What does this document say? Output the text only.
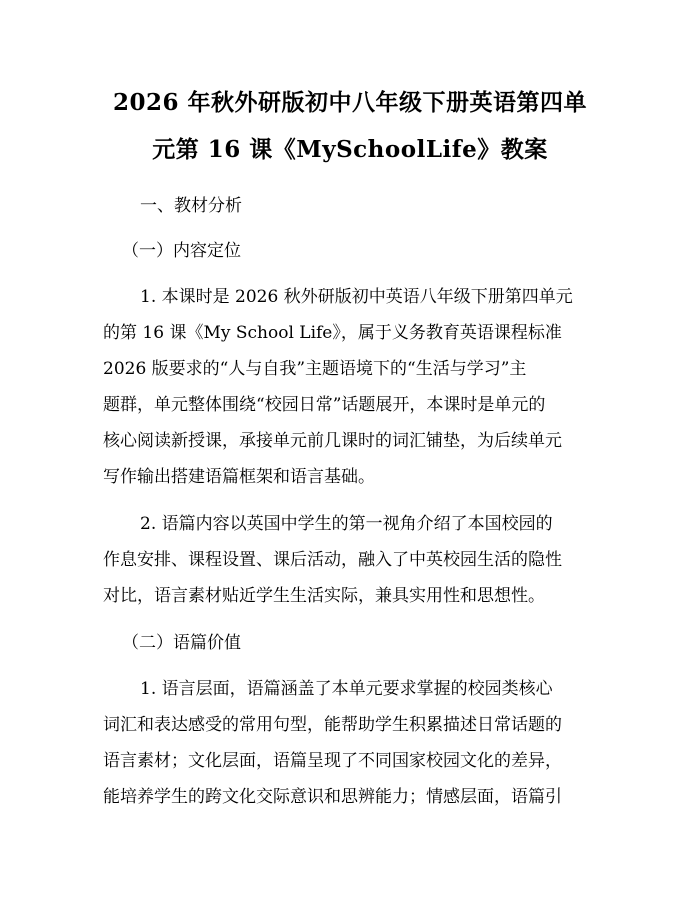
2026 年秋外研版初中八年级下册英语第四单
元第 16 课《MySchoolLife》教案
一、教材分析
（一）内容定位

1. 本课时是 2026 秋外研版初中英语八年级下册第四单元

的第 16 课《My School Life》，属于义务教育英语课程标准

2026 版要求的“人与自我”主题语境下的“生活与学习”主

题群，单元整体围绕“校园日常”话题展开，本课时是单元的

核心阅读新授课，承接单元前几课时的词汇铺垫，为后续单元

写作输出搭建语篇框架和语言基础。

2. 语篇内容以英国中学生的第一视角介绍了本国校园的

作息安排、课程设置、课后活动，融入了中英校园生活的隐性

对比，语言素材贴近学生生活实际，兼具实用性和思想性。

（二）语篇价值

1. 语言层面，语篇涵盖了本单元要求掌握的校园类核心

词汇和表达感受的常用句型，能帮助学生积累描述日常话题的

语言素材；文化层面，语篇呈现了不同国家校园文化的差异，

能培养学生的跨文化交际意识和思辨能力；情感层面，语篇引
